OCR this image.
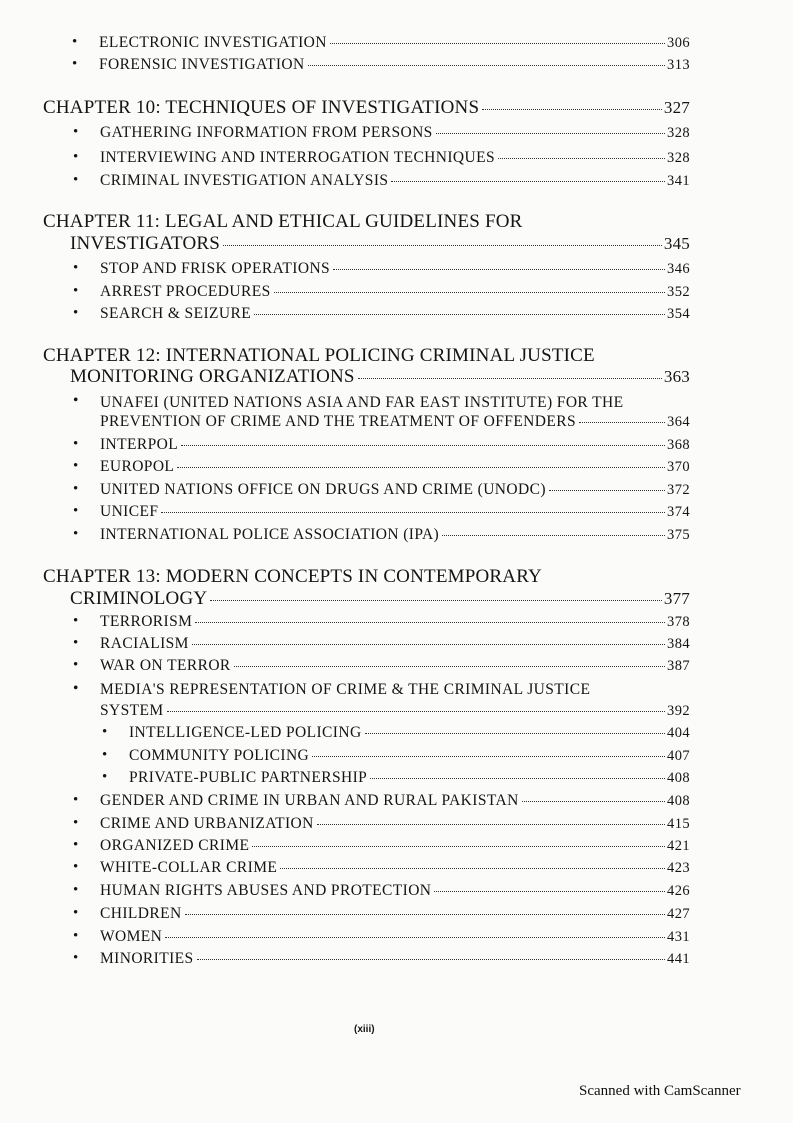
• ELECTRONIC INVESTIGATION	306
• FORENSIC INVESTIGATION	313
CHAPTER 10: TECHNIQUES OF INVESTIGATIONS	327
• GATHERING INFORMATION FROM PERSONS	328
• INTERVIEWING AND INTERROGATION TECHNIQUES	328
• CRIMINAL INVESTIGATION ANALYSIS	341
CHAPTER 11: LEGAL AND ETHICAL GUIDELINES FOR
INVESTIGATORS	345
• STOP AND FRISK OPERATIONS	346
• ARREST PROCEDURES	352
• SEARCH & SEIZURE	354
CHAPTER 12: INTERNATIONAL POLICING CRIMINAL JUSTICE
MONITORING ORGANIZATIONS	363
UNAFEI (UNITED NATIONS ASIA AND FAR EAST INSTITUTE) FOR THE
•
PREVENTION OF CRIME AND THE TREATMENT OF OFFENDERS	364
• INTERPOL	368
• EUROPOL	370
• UNITED NATIONS OFFICE ON DRUGS AND CRIME (UNODC)	372
• UNICEF	374
• INTERNATIONAL POLICE ASSOCIATION (IPA)	375
CHAPTER 13: MODERN CONCEPTS IN CONTEMPORARY
CRIMINOLOGY	377
• TERRORISM	378
• RACIALISM	384
• WAR ON TERROR	387
• MEDIA'S REPRESENTATION OF CRIME & THE CRIMINAL JUSTICE
SYSTEM	392
• INTELLIGENCE-LED POLICING	404
• COMMUNITY POLICING	407
• PRIVATE-PUBLIC PARTNERSHIP	408
• GENDER AND CRIME IN URBAN AND RURAL PAKISTAN	408
• CRIME AND URBANIZATION	415
• ORGANIZED CRIME	421
• WHITE-COLLAR CRIME	423
• HUMAN RIGHTS ABUSES AND PROTECTION	426
• CHILDREN	427
• WOMEN	431
• MINORITIES	441
(xiii)
Scanned with CamScanner
